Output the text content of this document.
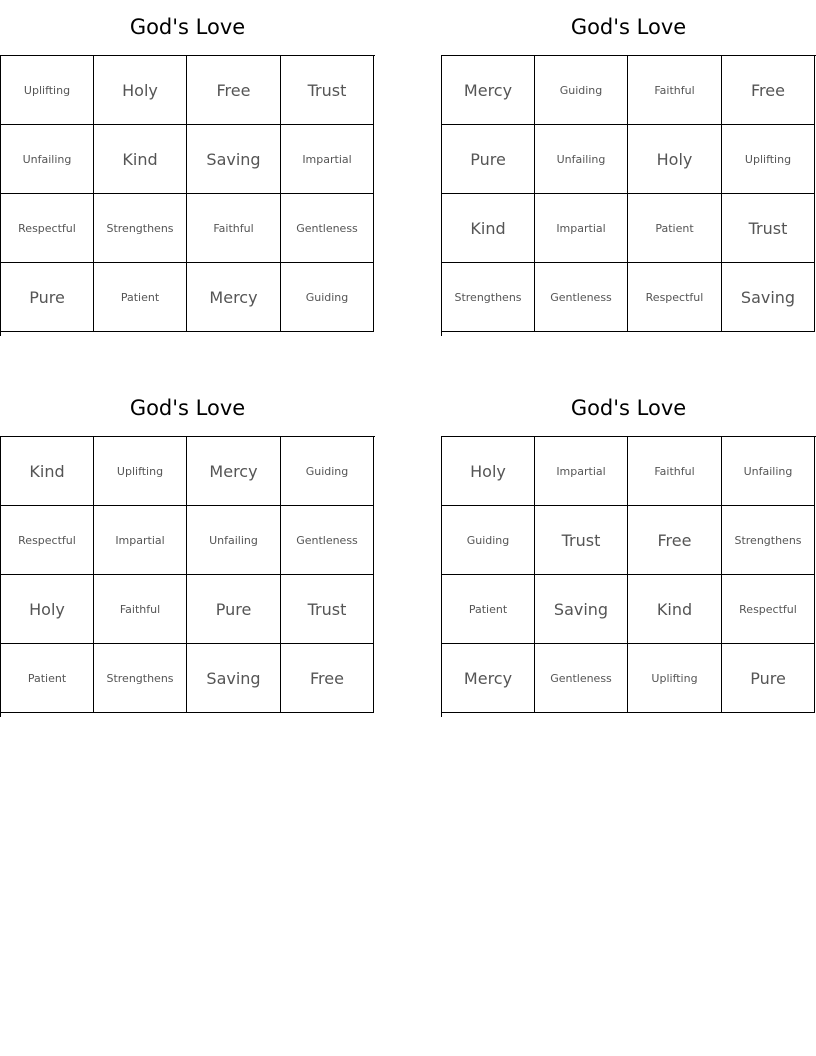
God's Love
Uplifting	Holy	Free	Trust
Unfailing	Kind	Saving	Impartial
Respectful	Strengthens	Faithful	Gentleness
Pure	Patient	Mercy	Guiding
God's Love
Mercy	Guiding	Faithful	Free
Pure	Unfailing	Holy	Uplifting
Kind	Impartial	Patient	Trust
Strengthens	Gentleness	Respectful	Saving
God's Love
Kind	Uplifting	Mercy	Guiding
Respectful	Impartial	Unfailing	Gentleness
Holy	Faithful	Pure	Trust
Patient	Strengthens	Saving	Free
God's Love
Holy	Impartial	Faithful	Unfailing
Guiding	Trust	Free	Strengthens
Patient	Saving	Kind	Respectful
Mercy	Gentleness	Uplifting	Pure
